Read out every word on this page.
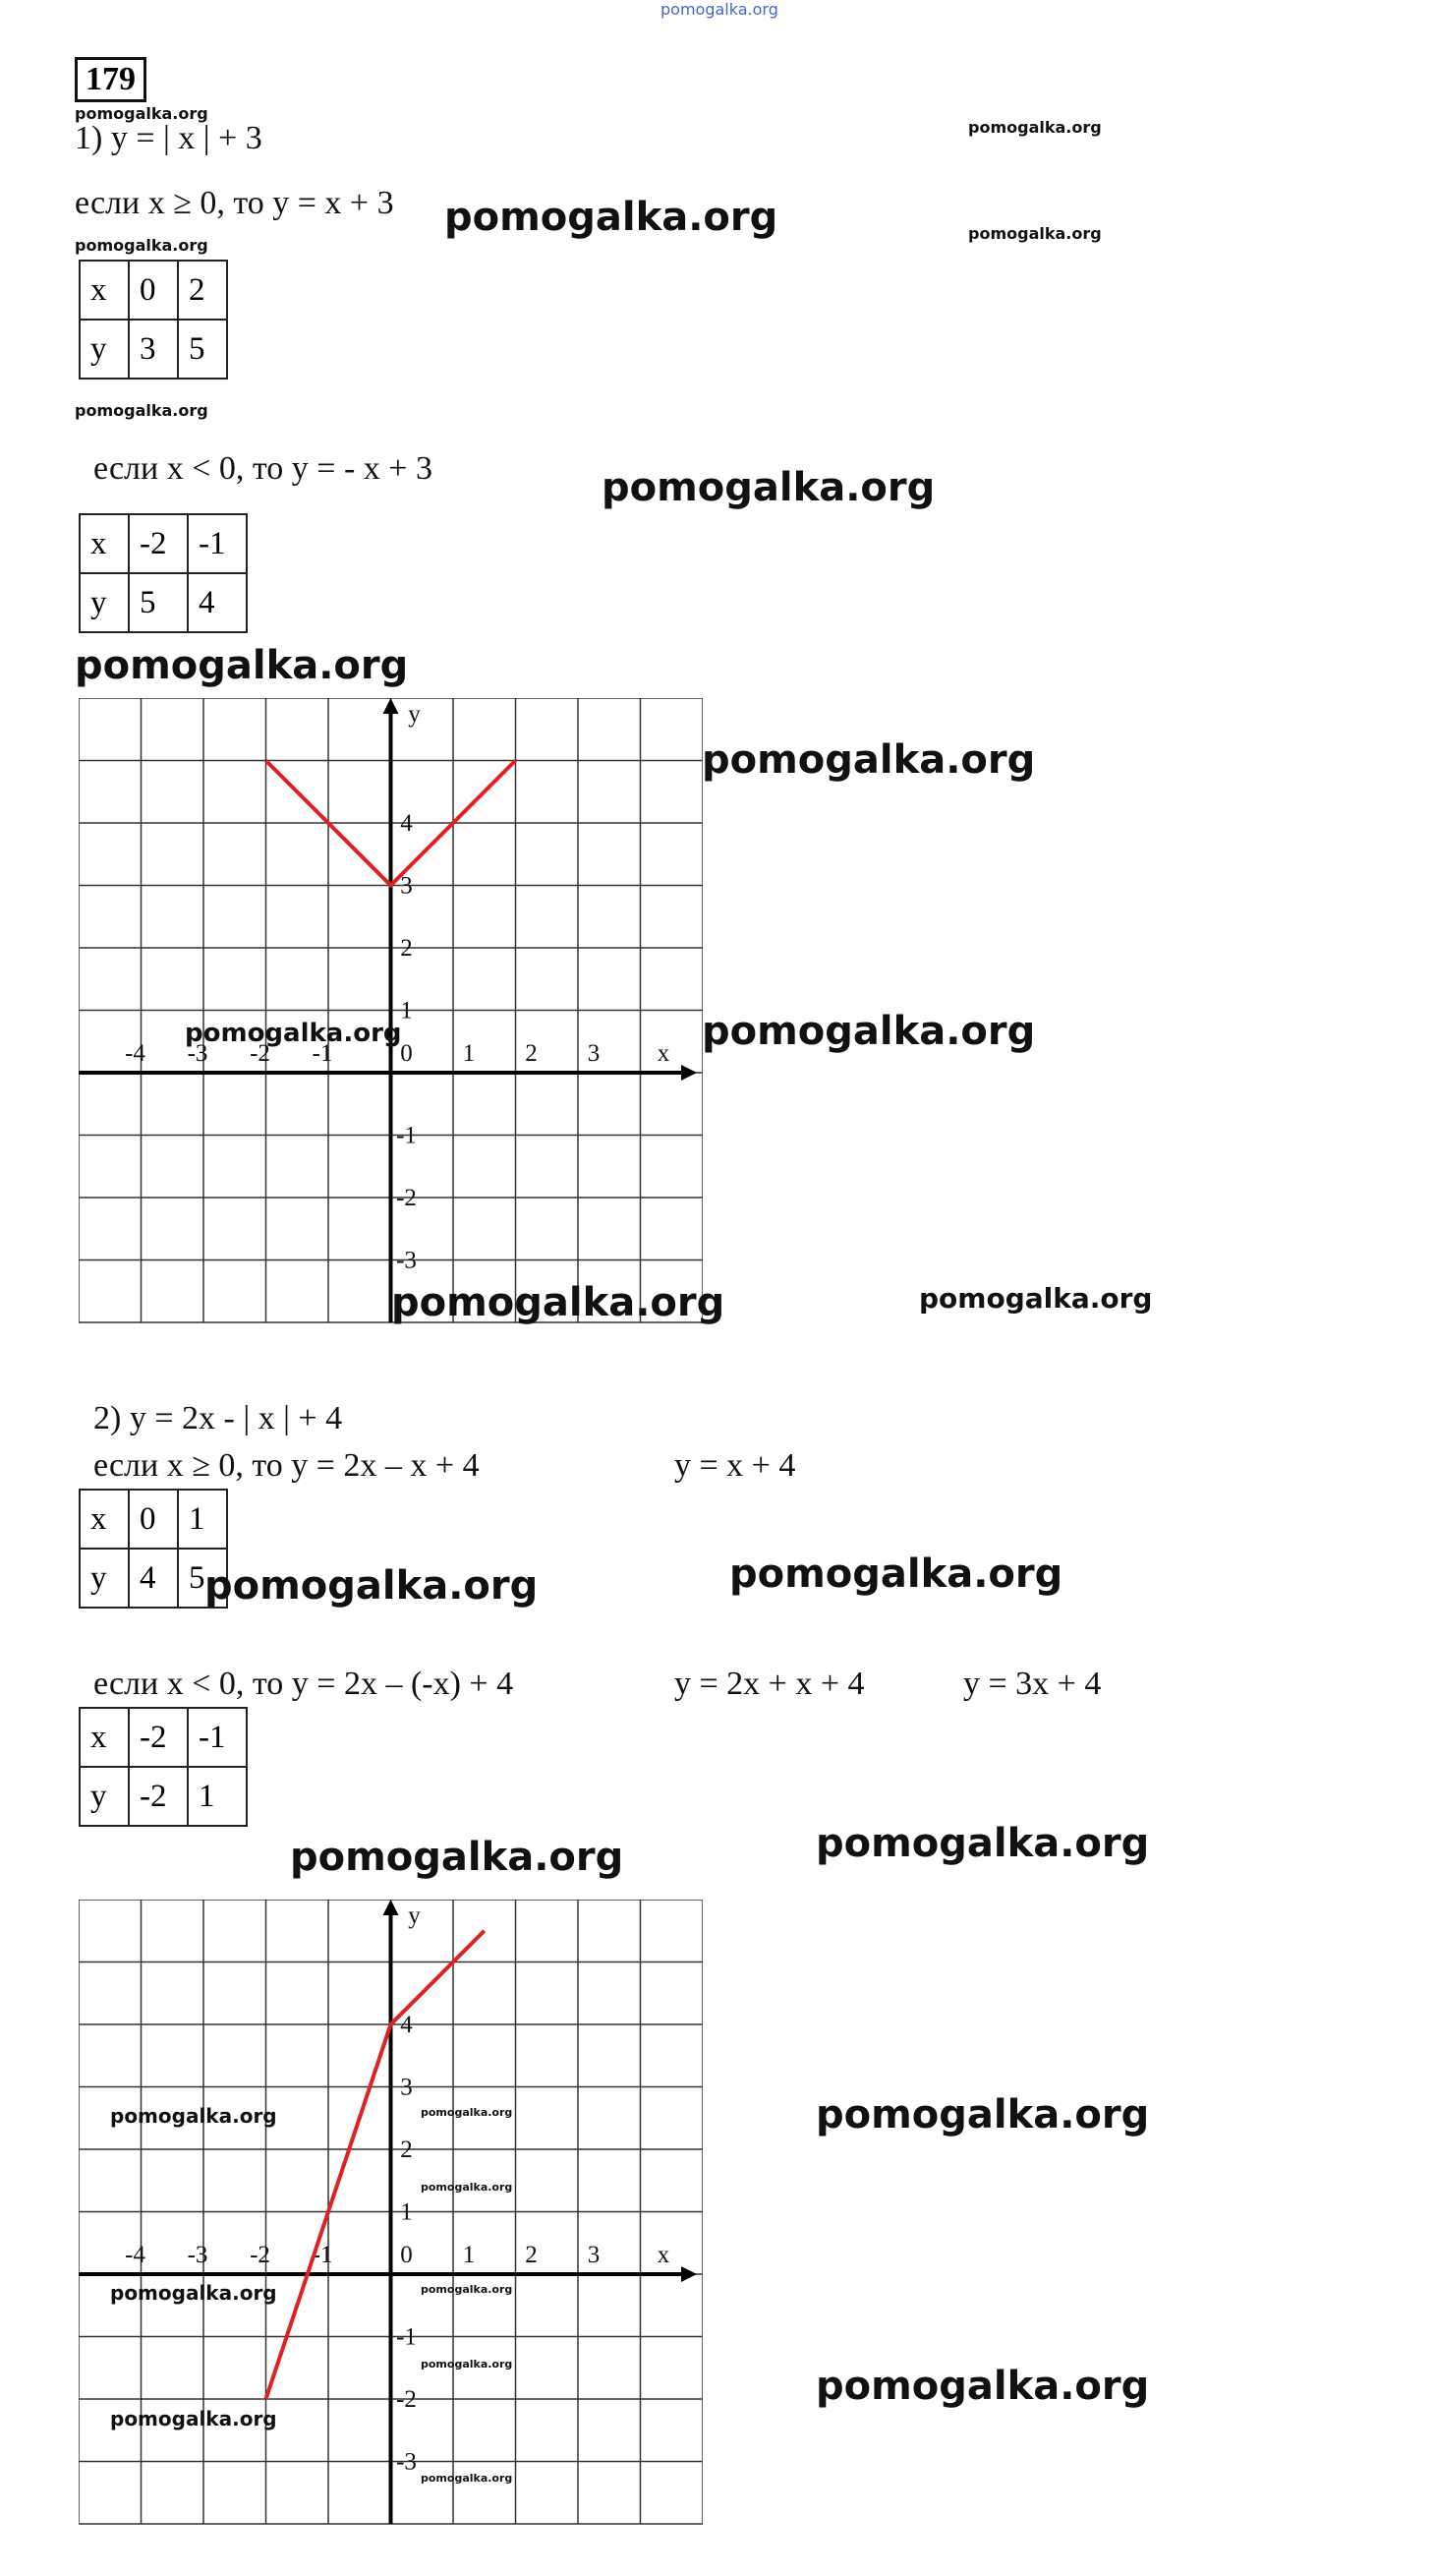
pomogalka.org
179
pomogalka.org
pomogalka.org
pomogalka.org
pomogalka.org
pomogalka.org
1) y = | x | + 3
если x ≥ 0, то y = x + 3 pomogalka.org
x	0	2
y	3	5
если x < 0, то y = - x + 3	pomogalka.org
x	-2	-1
y	5	4
pomogalka.org
-4 -3 -2 -1	0 1 2 3 x
4
3
2
1
-1
-2
-3
y
pomogalka.org
pomogalka.org	pomogalka.org
pomogalka.org	pomogalka.org
2) y = 2x - | x | + 4
если x ≥ 0, то y = 2x – x + 4	y = x + 4
x	0	1
y	4	5 pomogalka.org	pomogalka.org
если x < 0, то y = 2x – (-x) + 4	y = 2x + x + 4	y = 3x + 4
x	-2	-1
y	-2	1
pomogalka.org	pomogalka.org
-4 -3 -2 -1	0 1 2 3 x
4
3
2
1
-1
-2
-3
y
pomogalka.org
pomogalka.org
pomogalka.org
pomogalka.org
pomogalka.org
pomogalka.org
pomogalka.org
pomogalka.org
pomogalka.org
pomogalka.org
